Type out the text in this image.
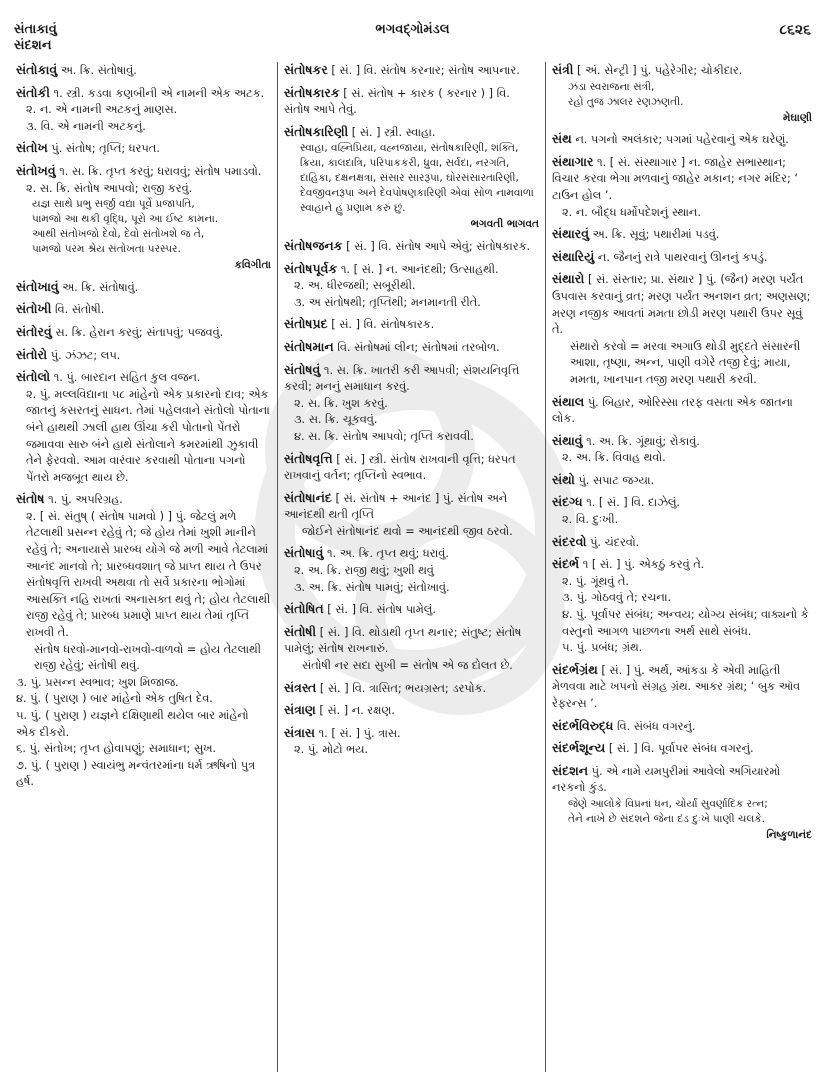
સંતાકાવું
સંદશન
ભગવદ્ગોમંડલ	૮૬૨૬
સંતોકાવું અ. ક્રિ. સંતોષાવું.
સંતોકી ૧. સ્ત્રી. કડવા કણબીની એ નામની એક અટક.
૨. ન. એ નામની અટકનું માણસ.
૩. વિ. એ નામની અટકનું.
સંતોખ પું. સંતોષ; તૃપ્તિ; ધરપત.
સંતોખવું ૧. સ. ક્રિ. તૃપ્ત કરવું; ધરાવવું; સંતોષ પમાડવો.
૨. સ. ક્રિ. સંતોષ આપવો; રાજી કરવું.
યજ્ઞ સાથે પ્રભુ સર્જી વદ્યા પૂર્વે પ્રજાપતિ,
પામજો આ થકી વૃદ્ધિ, પૂરો આ ઈષ્ટ કામના.
આથી સંતોખજો દેવો, દેવો સંતોખશે જ તે,
પામજો પરમ શ્રેય સંતોખતા પરસ્પર.
કવિગીતા
સંતોખાવું અ. ક્રિ. સંતોષાવું.
સંતોખી વિ. સંતોષી.
સંતોરવું સ. ક્રિ. હેરાન કરવું; સંતાપવું; પજવવું.
સંતોરો પું. ઝંઝટ; લપ.
સંતોલો ૧. પું. બારદાન સહિત કુલ વજન.
૨. પું. મલ્લવિદ્યાના ૫૮ માંહેનો એક પ્રકારનો દાવ; એક જાતનું કસરતનું સાધન. તેમાં પહેલવાને સંતોલો પોતાના બંને હાથથી ઝાલી હાથ ઊંચા કરી પોતાનો પેંતરો જમાવવા સારુ બંને હાથે સંતોલાને કમરમાંથી ઝુકાવી તેને ફેરવવો. આમ વારંવાર કરવાથી પોતાના પગનો પેંતરો મજબૂત થાય છે.
સંતોષ ૧. પું. અપરિગ્રહ.
૨. [ સં. સંતુષ્ ( સંતોષ પામવો ) ] પું. જેટલું મળે તેટલાથી પ્રસન્ન રહેવું તે; જે હોય તેમાં ખુશી માનીને રહેવું તે; અનાયાસે પ્રારબ્ધ યોગે જે મળી આવે તેટલામાં આનંદ માનવો તે; પ્રારબ્ધવશાત્ જે પ્રાપ્ત થાય તે ઉપર સંતોષવૃત્તિ રાખવી અથવા તો સર્વે પ્રકારના ભોગોમાં આસક્તિ નહિ રાખતાં અનાસક્ત થવું તે; હોય તેટલાથી રાજી રહેવું તે; પ્રારબ્ધ પ્રમાણે પ્રાપ્ત થાય તેમાં તૃપ્તિ રાખવી તે.
સંતોષ ધરવો-માનવો-રાખવો-વાળવો = હોય તેટલાથી રાજી રહેવું; સંતોષી થવું.
૩. પું. પ્રસન્ન સ્વભાવ; ખુશ મિજાજ.
૪. પું. ( પુરાણ ) બાર માંહેનો એક તુષિત દેવ.
૫. પું. ( પુરાણ ) યજ્ઞને દક્ષિણાથી થયેલ બાર માંહેનો એક દીકરો.
૬. પું. સંતોખ; તૃપ્ત હોવાપણું; સમાધાન; સુખ.
૭. પું. ( પુરાણ ) સ્વાયંભુ મન્વંતરમાંના ધર્મ ઋષિનો પુત્ર હર્ષ.
સંતોષકર [ સં. ] વિ. સંતોષ કરનાર; સંતોષ આપનાર.
સંતોષકારક [ સં. સંતોષ + કારક ( કરનાર ) ] વિ. સંતોષ આપે તેવું.
સંતોષકારિણી [ સં. ] સ્ત્રી. સ્વાહા.
સ્વાહા, વહ્નિપ્રિયા, વહ્નજાયા, સંતોષકારિણી, શક્તિ, ક્રિયા, કાલદાત્રિ, પરિપાકકરી, ધ્રુવા, સર્વદા, નરગતિ, દાહિકા, દક્ષનક્ષત્રા, સંસાર સારરૂપા, ઘોરસંસારતારિણી, દેવજીવનરૂપા અને દેવપોષણકારિણી એવાં સોળ નામવાળાં સ્વાહાને હું પ્રણામ કરું છું.
ભગવતી ભાગવત
સંતોષજનક [ સં. ] વિ. સંતોષ આપે એવું; સંતોષકારક.
સંતોષપૂર્વક ૧. [ સં. ] ન. આનંદથી; ઉત્સાહથી.
૨. અ. ધીરજથી; સબૂરીથી.
૩. અ સંતોષથી; તૃપ્તિથી; મનમાનતી રીતે.
સંતોષપ્રદ [ સં. ] વિ. સંતોષકારક.
સંતોષમાન વિ. સંતોષમાં લીન; સંતોષમાં તરબોળ.
સંતોષવું ૧. સ. ક્રિ. ખાતરી કરી આપવી; સંશયનિવૃત્તિ કરવી; મનનું સમાધાન કરવું.
૨. સ. ક્રિ. ખુશ કરવું.
૩. સ. ક્રિ. ચૂકવવું.
૪. સ. ક્રિ. સંતોષ આપવો; તૃપ્તિ કરાવવી.
સંતોષવૃત્તિ [ સં. ] સ્ત્રી. સંતોષ રાખવાની વૃત્તિ; ધરપત રાખવાનું વર્તન; તૃપ્તિનો સ્વભાવ.
સંતોષાનંદ [ સં. સંતોષ + આનંદ ] પું. સંતોષ અને આનંદથી થતી તૃપ્તિ
જોઈને સંતોષાનંદ થવો = આનંદથી જીવ ઠરવો.
સંતોષાવું ૧. અ. ક્રિ. તૃપ્ત થવું; ધરાવું.
૨. અ. ક્રિ. રાજી થવું; ખુશી થવું
૩. અ. ક્રિ. સંતોષ પામવું; સંતોખાવું.
સંતોષિત [ સં. ] વિ. સંતોષ પામેલું.
સંતોષી [ સં. ] વિ. થોડાથી તૃપ્ત થનાર; સંતુષ્ટ; સંતોષ પામેલું; સંતોષ રાખનારું.
સંતોષી નર સદા સુખી = સંતોષ એ જ દોલત છે.
સંત્રસ્ત [ સં. ] વિ. ત્રાસિત; ભયગ્રસ્ત; ડરપોક.
સંત્રાણ [ સં. ] ન. રક્ષણ.
સંત્રાસ ૧. [ સં. ] પું. ત્રાસ.
૨. પું. મોટો ભય.
સંત્રી [ અં. સેન્ટ્રી ] પું. પહેરેગીર; ચોકીદાર.
ઝંડા સ્વરાજના સંત્રી,
રહો તુજ ઝાલર રણઝણતી.
મેઘાણી
સંથ ન. પગનો અલંકાર; પગમાં પહેરવાનું એક ઘરેણું.
સંથાગાર ૧. [ સં. સંસ્થાગાર ] ન. જાહેર સભાસ્થાન; વિચાર કરવા ભેગા મળવાનું જાહેર મકાન; નગર મંદિર; ‘ ટાઉન હોલ ’.
૨. ન. બૌદ્ધ ધર્મોપદેશનું સ્થાન.
સંથારવું અ. ક્રિ. સૂવું; પથારીમાં પડવું.
સંથારિયું ન. જૈનનું રાત્રે પાથરવાનું ઊનનું કપડું.
સંથારો [ સં. સંસ્તાર; પ્રા. સંથાર ] પું. (જૈન) મરણ પર્યંત ઉપવાસ કરવાનું વ્રત; મરણ પર્યંત અનશન વ્રત; અણસણ; મરણ નજીક આવતાં મમતા છોડી મરણ પથારી ઉપર સૂવું તે.
સંથારો કરવો = મરવા અગાઉ થોડી મુદ્દતે સંસારની આશા, તૃષ્ણા, અન્ન, પાણી વગેરે તજી દેવું; માયા, મમતા, ખાનપાન તજી મરણ પથારી કરવી.
સંથાલ પું. બિહાર, ઓરિસ્સા તરફ વસતા એક જાતના લોક.
સંથાવું ૧. અ. ક્રિ. ગૂંથાવું; રોકાવું.
૨. અ. ક્રિ. વિવાહ થવો.
સંથો પું. સપાટ જગ્યા.
સંદગ્ધ ૧. [ સં. ] વિ. દાઝેલું.
૨. વિ. દુઃખી.
સંદરવો પું. ચંદરવો.
સંદર્ભ ૧ [ સં. ] પું. એકઠું કરવું તે.
૨. પું. ગૂંથવું તે.
૩. પું. ગોઠવવું તે; રચના.
૪. પું. પૂર્વાપર સંબંધ; અન્વય; યોગ્ય સંબંધ; વાક્યનો કે વસ્તુનો આગળ પાછળના અર્થ સાથે સંબંધ.
૫. પું. પ્રબંધ; ગ્રંથ.
સંદર્ભગ્રંથ [ સં. ] પું. અર્થ, આંકડા કે એવી માહિતી મેળવવા માટે ખપનો સંગ્રહ ગ્રંથ. આકર ગ્રંથ; ‘ બુક ઑવ રેફરન્સ ’.
સંદર્ભવિરુદ્ધ વિ. સંબંધ વગરનું.
સંદર્ભશૂન્ય [ સં. ] વિ. પૂર્વાપર સંબંધ વગરનું.
સંદશન પું. એ નામે યમપુરીમાં આવેલો અગિયારમો નરકનો કુંડ.
જેણે આલોકે વિપ્રનાં ધન, ચોર્યાં સુવર્ણાદિક રત્ન;
તેને નાખે છે સંદશને જેના દંડ દુઃખે પાણી ચલકે.
નિષ્કુળાનંદ
